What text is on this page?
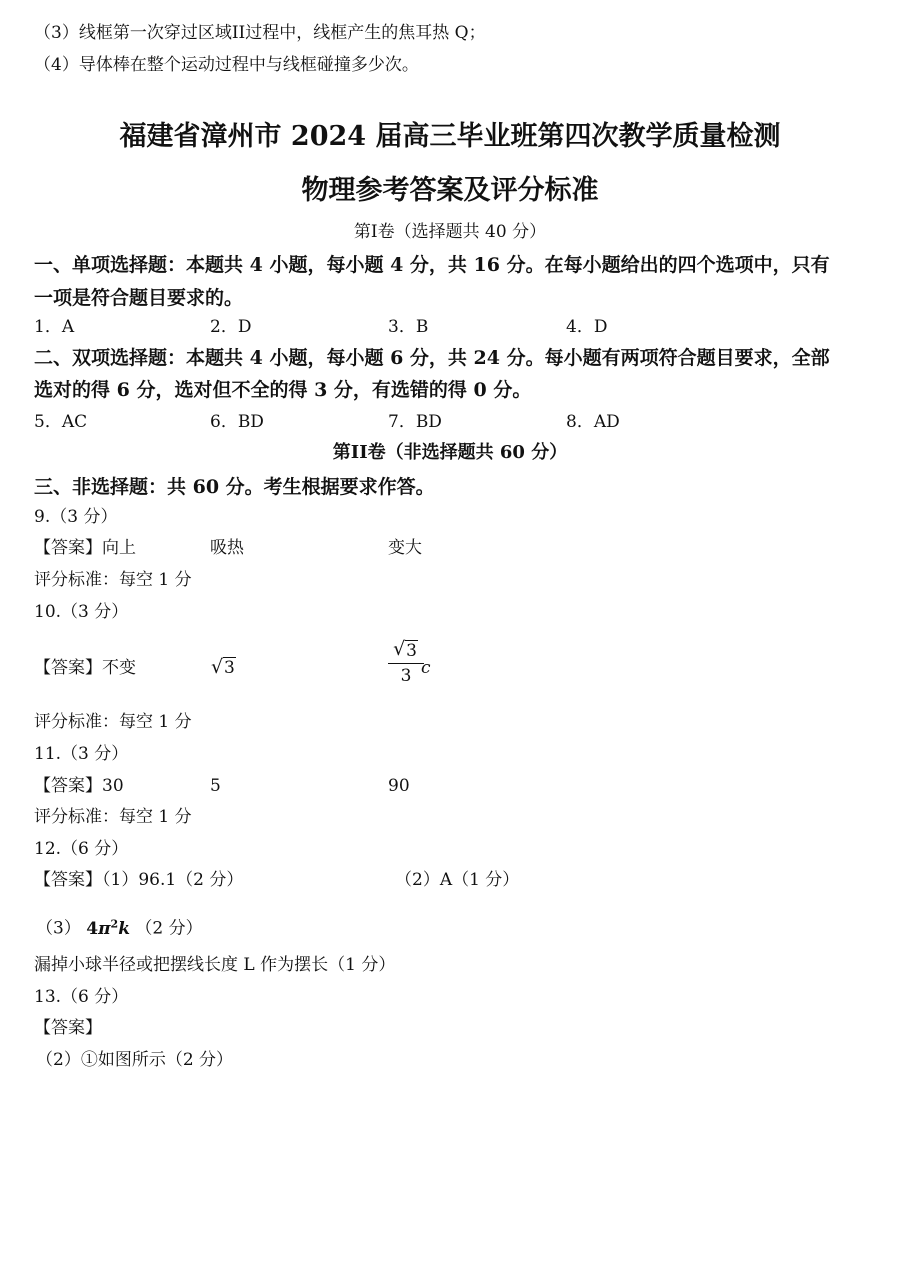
（3）线框第一次穿过区域II过程中，线框产生的焦耳热 Q；
（4）导体棒在整个运动过程中与线框碰撞多少次。
福建省漳州市 2024 届高三毕业班第四次教学质量检测
物理参考答案及评分标准
第I卷（选择题共 40 分）
一、单项选择题：本题共 4 小题，每小题 4 分，共 16 分。在每小题给出的四个选项中，只有
一项是符合题目要求的。
1．A	2．D	3．B	4．D
二、双项选择题：本题共 4 小题，每小题 6 分，共 24 分。每小题有两项符合题目要求，全部
选对的得 6 分，选对但不全的得 3 分，有选错的得 0 分。
5．AC	6．BD	7．BD	8．AD
第II卷（非选择题共 60 分）
三、非选择题：共 60 分。考生根据要求作答。
9.（3 分）
【答案】向上	吸热	变大
评分标准：每空 1 分
10.（3 分）
【答案】不变
√	3
√ 3
3 c
评分标准：每空 1 分
11.（3 分）
【答案】30	5	90
评分标准：每空 1 分
12.（6 分）
【答案】（1）96.1（2 分）	（2）A（1 分）
（3） $4\pi^2k$ （2 分）
漏掉小球半径或把摆线长度 L 作为摆长（1 分）
13.（6 分）
【答案】
（2）①如图所示（2 分）
